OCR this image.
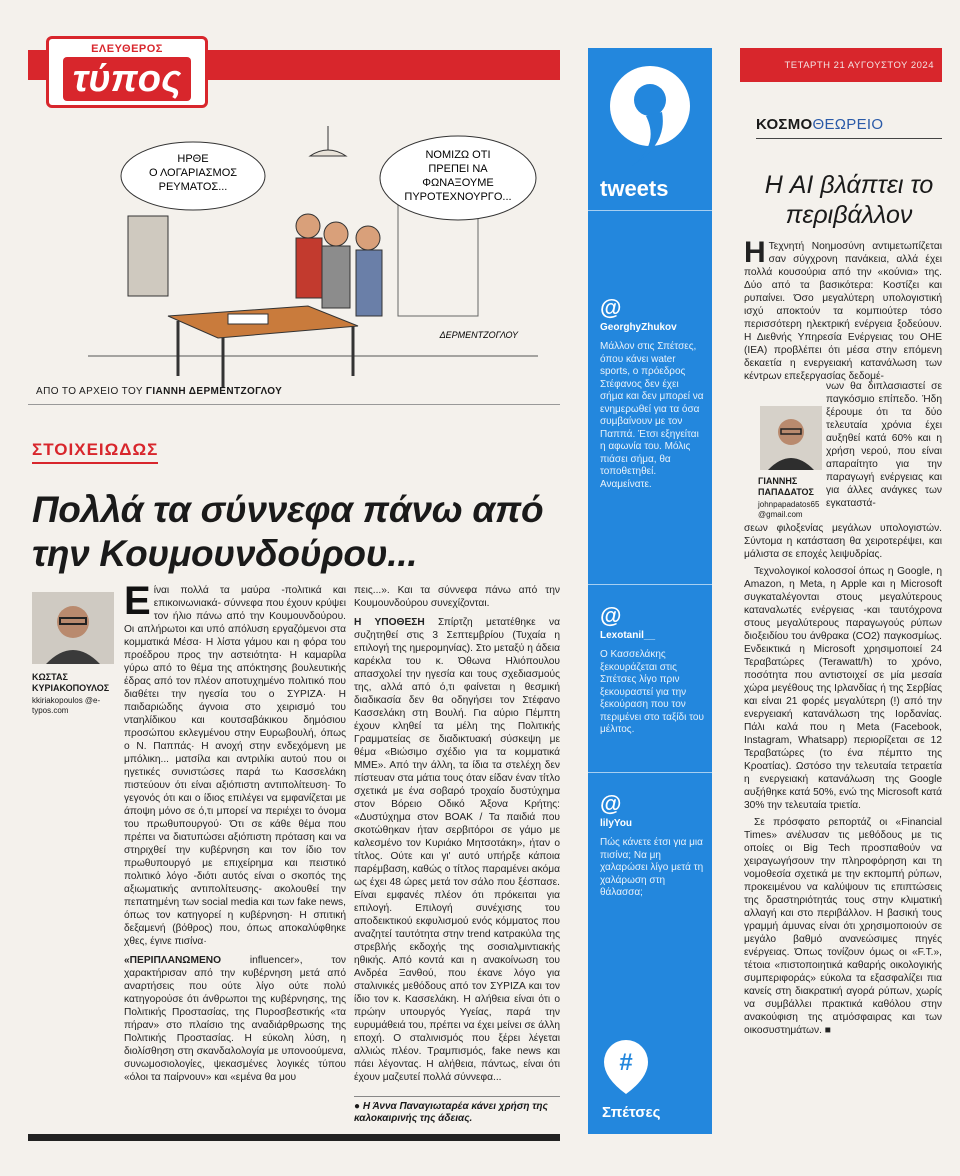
ΕΛΕΥΘΕΡΟΣ
τύπος
ΗΡΘΕ
Ο ΛΟΓΑΡΙΑΣΜΟΣ
ΡΕΥΜΑΤΟΣ...
ΝΟΜΙΖΩ ΟΤΙ
ΠΡΕΠΕΙ ΝΑ
ΦΩΝΑΞΟΥΜΕ
ΠΥΡΟΤΕΧΝΟΥΡΓΟ...
ΔΕΡΜΕΝΤΖΟΓΛΟΥ
ΑΠΟ ΤΟ ΑΡΧΕΙΟ ΤΟΥ ΓΙΑΝΝΗ ΔΕΡΜΕΝΤΖΟΓΛΟΥ
ΣΤΟΙΧΕΙΩΔΩΣ
Πολλά τα σύννεφα πάνω από την Κουμουνδούρου...
ΚΩΣΤΑΣ ΚΥΡΙΑΚΟΠΟΥΛΟΣ
kkiriakopoulos @e-typos.com

Είναι πολλά τα μαύρα -πολιτικά και επικοινωνιακά- σύννεφα που έχουν κρύψει τον ήλιο πάνω από την Κουμουνδούρου. Οι απλήρωτοι και υπό απόλυση εργαζόμενοι στα κομματικά Μέσα· Η λίστα γάμου και η φόρα του προέδρου προς την αστειότητα· Η καμαρίλα γύρω από το θέμα της απόκτησης βουλευτικής έδρας από τον πλέον αποτυχημένο πολιτικό που διαθέτει την ηγεσία του ο ΣΥΡΙΖΑ· Η παιδαριώδης άγνοια στο χειρισμό του νταηλίδικου και κουτσαβάκικου δημόσιου προσώπου εκλεγμένου στην Ευρωβουλή, όπως ο Ν. Παππάς· Η ανοχή στην ενδεχόμενη με μπόλικη... ματσίλα και αντριλίκι αυτού που οι ηγετικές συνιστώσες παρά τω Κασσελάκη πιστεύουν ότι είναι αξιόπιστη αντιπολίτευση· Το γεγονός ότι και ο ίδιος επιλέγει να εμφανίζεται με άποψη μόνο σε ό,τι μπορεί να περιέχει το όνομα του πρωθυπουργού· Ότι σε κάθε θέμα που πρέπει να διατυπώσει αξιόπιστη πρόταση και να στηριχθεί την κυβέρνηση και τον ίδιο τον πρωθυπουργό με επιχείρημα και πειστικό πολιτικό λόγο -διότι αυτός είναι ο σκοπός της αξιωματικής αντιπολίτευσης- ακολουθεί την πεπατημένη των social media και των fake news, όπως τον κατηγορεί η κυβέρνηση· Η σπιτική δεξαμενή (βόθρος) που, όπως αποκαλύφθηκε χθες, έγινε πισίνα·

«ΠΕΡΙΠΛΑΝΩΜΕΝΟ influencer», τον χαρακτήρισαν από την κυβέρνηση μετά από αναρτήσεις που ούτε λίγο ούτε πολύ κατηγορούσε ότι άνθρωποι της κυβέρνησης, της Πολιτικής Προστασίας, της Πυροσβεστικής «τα πήραν» στο πλαίσιο της αναδιάρθρωσης της Πολιτικής Προστασίας. Η εύκολη λύση, η διολίσθηση στη σκανδαλολογία με υπονοούμενα, συνωμοσιολογίες, ψεκασμένες λογικές τύπου «όλοι τα παίρνουν» και «εμένα θα μου

πεις...». Και τα σύννεφα πάνω από την Κουμουνδούρου συνεχίζονται.

Η ΥΠΟΘΕΣΗ Σπίρτζη μετατέθηκε να συζητηθεί στις 3 Σεπτεμβρίου (Τυχαία η επιλογή της ημερομηνίας). Στο μεταξύ η άδεια καρέκλα του κ. Όθωνα Ηλιόπουλου απασχολεί την ηγεσία και τους σχεδιασμούς της, αλλά από ό,τι φαίνεται η θεσμική διαδικασία δεν θα οδηγήσει τον Στέφανο Κασσελάκη στη Βουλή. Για αύριο Πέμπτη έχουν κληθεί τα μέλη της Πολιτικής Γραμματείας σε διαδικτυακή σύσκεψη με θέμα «Βιώσιμο σχέδιο για τα κομματικά ΜΜΕ». Από την άλλη, τα ίδια τα στελέχη δεν πίστευαν στα μάτια τους όταν είδαν έναν τίτλο σχετικά με ένα σοβαρό τροχαίο δυστύχημα στον Βόρειο Οδικό Άξονα Κρήτης: «Δυστύχημα στον ΒΟΑΚ / Τα παιδιά που σκοτώθηκαν ήταν σερβιτόροι σε γάμο με καλεσμένο τον Κυριάκο Μητσοτάκη», ήταν ο τίτλος. Ούτε και γι' αυτό υπήρξε κάποια παρέμβαση, καθώς ο τίτλος παραμένει ακόμα ως έχει 48 ώρες μετά τον σάλο που ξέσπασε. Είναι εμφανές πλέον ότι πρόκειται για επιλογή. Επιλογή συνέχισης του αποδεικτικού εκφυλισμού ενός κόμματος που αναζητεί ταυτότητα στην trend κατρακύλα της στρεβλής εκδοχής της σοσιαλμιντιακής ηθικής. Από κοντά και η ανακοίνωση του Ανδρέα Ξανθού, που έκανε λόγο για σταλινικές μεθόδους από τον ΣΥΡΙΖΑ και τον ίδιο τον κ. Κασσελάκη. Η αλήθεια είναι ότι ο πρώην υπουργός Υγείας, παρά την ευρυμάθειά του, πρέπει να έχει μείνει σε άλλη εποχή. Ο σταλινισμός που ξέρει λέγεται αλλιώς πλέον. Τραμπισμός, fake news και πάει λέγοντας. Η αλήθεια, πάντως, είναι ότι έχουν μαζευτεί πολλά σύννεφα...

● Η Άννα Παναγιωταρέα κάνει χρήση της καλοκαιρινής της άδειας.
tweets
@
GeorghyZhukov
Μάλλον στις Σπέτσες, όπου κάνει water sports, ο πρόεδρος Στέφανος δεν έχει σήμα και δεν μπορεί να ενημερωθεί για τα όσα συμβαίνουν με τον Παππά. Έτσι εξηγείται η αφωνία του. Μόλις πιάσει σήμα, θα τοποθετηθεί. Αναμείνατε.
@
Lexotanil__
Ο Κασσελάκης ξεκουράζεται στις Σπέτσες λίγο πριν ξεκουραστεί για την ξεκούραση που τον περιμένει στο ταξίδι του μέλιτος.
@
lilyYou
Πώς κάνετε έτσι για μια πισίνα; Να μη χαλαρώσει λίγο μετά τη χαλάρωση στη θάλασσα;
#
Σπέτσες
ΤΕΤΑΡΤΗ 21 ΑΥΓΟΥΣΤΟΥ 2024
ΚΟΣΜΟΘΕΩΡΕΙΟ
Η AI βλάπτει το περιβάλλον
Η Τεχνητή Νοημοσύνη αντιμετωπίζεται σαν σύγχρονη πανάκεια, αλλά έχει πολλά κουσούρια από την «κούνια» της. Δύο από τα βασικότερα: Κοστίζει και ρυπαίνει. Όσο μεγαλύτερη υπολογιστική ισχύ αποκτούν τα κομπιούτερ τόσο περισσότερη ηλεκτρική ενέργεια ξοδεύουν. Η Διεθνής Υπηρεσία Ενέργειας του ΟΗΕ (IEA) προβλέπει ότι μέσα στην επόμενη δεκαετία η ενεργειακή κατανάλωση των κέντρων επεξεργασίας δεδομέ-
νων θα διπλασιαστεί σε παγκόσμιο επίπεδο. Ήδη ξέρουμε ότι τα δύο τελευταία χρόνια έχει αυξηθεί κατά 60% και η χρήση νερού, που είναι απαραίτητο για την παραγωγή ενέργειας και για άλλες ανάγκες των εγκαταστά-
ΓΙΑΝΝΗΣ ΠΑΠΑΔΑΤΟΣ
johnpapadatos65 @gmail.com

σεων φιλοξενίας μεγάλων υπολογιστών. Σύντομα η κατάσταση θα χειροτερέψει, και μάλιστα σε εποχές λειψυδρίας.

Τεχνολογικοί κολοσσοί όπως η Google, η Amazon, η Meta, η Apple και η Microsoft συγκαταλέγονται στους μεγαλύτερους καταναλωτές ενέργειας -και ταυτόχρονα στους μεγαλύτερους παραγωγούς ρύπων διοξειδίου του άνθρακα (CO2) παγκοσμίως. Ενδεικτικά η Microsoft χρησιμοποιεί 24 Τεραβατώρες (Terawatt/h) το χρόνο, ποσότητα που αντιστοιχεί σε μία μεσαία χώρα μεγέθους της Ιρλανδίας ή της Σερβίας και είναι 21 φορές μεγαλύτερη (!) από την ενεργειακή κατανάλωση της Ιορδανίας. Πάλι καλά που η Meta (Facebook, Instagram, Whatsapp) περιορίζεται σε 12 Τεραβατώρες (το ένα πέμπτο της Κροατίας). Ωστόσο την τελευταία τετραετία η ενεργειακή κατανάλωση της Google αυξήθηκε κατά 50%, ενώ της Microsoft κατά 30% την τελευταία τριετία.

Σε πρόσφατο ρεπορτάζ οι «Financial Times» ανέλυσαν τις μεθόδους με τις οποίες οι Big Tech προσπαθούν να χειραγωγήσουν την πληροφόρηση και τη νομοθεσία σχετικά με την εκπομπή ρύπων, προκειμένου να καλύψουν τις επιπτώσεις της δραστηριότητάς τους στην κλιματική αλλαγή και στο περιβάλλον. Η βασική τους γραμμή άμυνας είναι ότι χρησιμοποιούν σε μεγάλο βαθμό ανανεώσιμες πηγές ενέργειας. Όπως τονίζουν όμως οι «F.T.», τέτοια «πιστοποιητικά καθαρής οικολογικής συμπεριφοράς» εύκολα τα εξασφαλίζει πια κανείς στη διακρατική αγορά ρύπων, χωρίς να συμβάλλει πρακτικά καθόλου στην ανακούφιση της ατμόσφαιρας και των οικοσυστημάτων. ■
